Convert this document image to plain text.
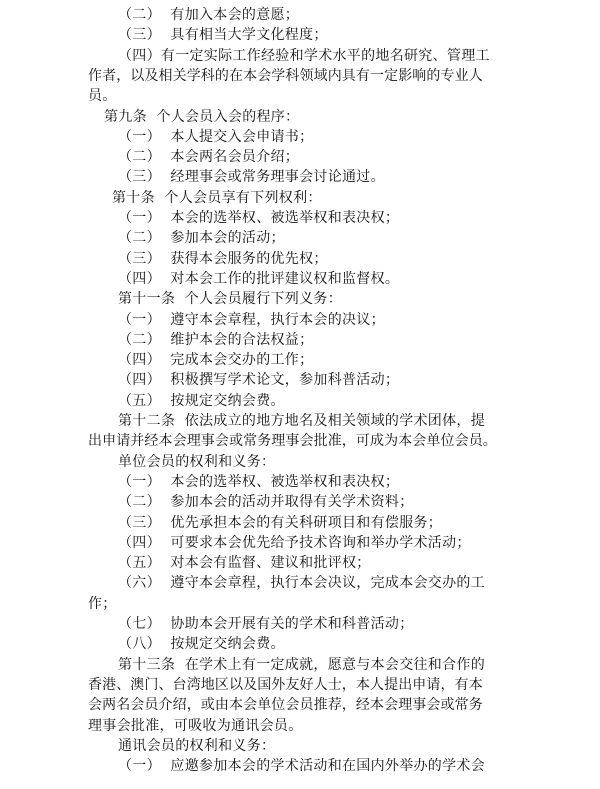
（二）  有加入本会的意愿；
（三）  具有相当大学文化程度；
（四）有一定实际工作经验和学术水平的地名研究、管理工
作者，以及相关学科的在本会学科领域内具有一定影响的专业人
员。
第九条  个人会员入会的程序：
（一）  本人提交入会申请书；
（二）  本会两名会员介绍；
（三）  经理事会或常务理事会讨论通过。
第十条  个人会员享有下列权利：
（一）  本会的选举权、被选举权和表决权；
（二）  参加本会的活动；
（三）  获得本会服务的优先权；
（四）  对本会工作的批评建议权和监督权。
第十一条  个人会员履行下列义务：
（一）  遵守本会章程，执行本会的决议；
（二）  维护本会的合法权益；
（四）  完成本会交办的工作；
（四）  积极撰写学术论文，参加科普活动；
（五）  按规定交纳会费。
第十二条  依法成立的地方地名及相关领域的学术团体，提
出申请并经本会理事会或常务理事会批准，可成为本会单位会员。
单位会员的权利和义务：
（一）  本会的选举权、被选举权和表决权；
（二）  参加本会的活动并取得有关学术资料；
（三）  优先承担本会的有关科研项目和有偿服务；
（四）  可要求本会优先给予技术咨询和举办学术活动；
（五）  对本会有监督、建议和批评权；
（六）  遵守本会章程，执行本会决议，完成本会交办的工
作；
（七）  协助本会开展有关的学术和科普活动；
（八）  按规定交纳会费。
第十三条  在学术上有一定成就，愿意与本会交往和合作的
香港、澳门、台湾地区以及国外友好人士，本人提出申请，有本
会两名会员介绍，或由本会单位会员推荐，经本会理事会或常务
理事会批准，可吸收为通讯会员。
通讯会员的权利和义务：
（一）  应邀参加本会的学术活动和在国内外举办的学术会
